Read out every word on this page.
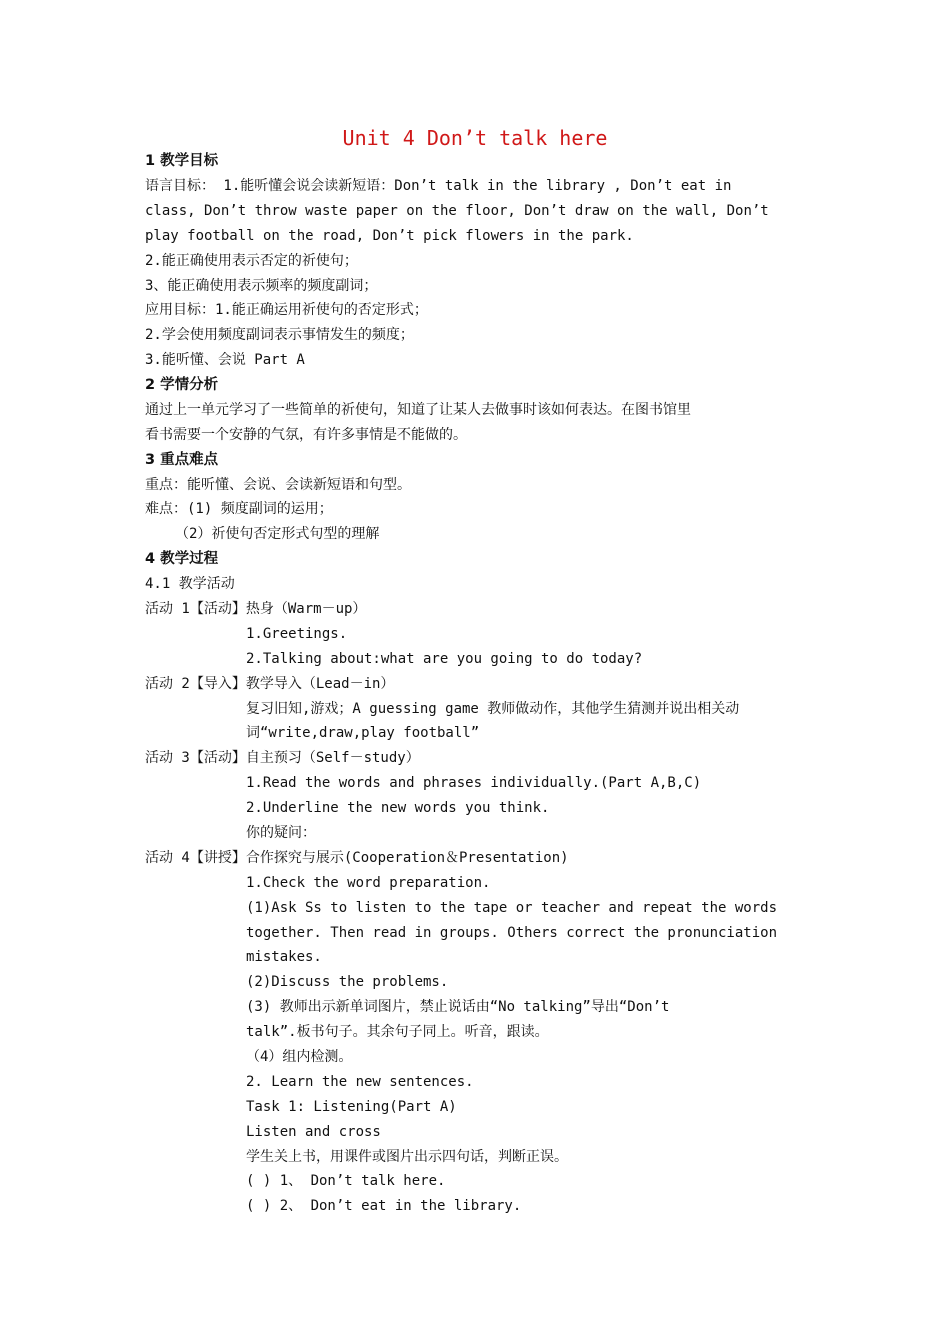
Unit 4 Don’t talk here
1 教学目标
语言目标： 1.能听懂会说会读新短语：Don’t talk in the library , Don’t eat in
class, Don’t throw waste paper on the floor, Don’t draw on the wall, Don’t
play football on the road, Don’t pick flowers in the park.
2.能正确使用表示否定的祈使句；
3、能正确使用表示频率的频度副词；
应用目标：1.能正确运用祈使句的否定形式；
2.学会使用频度副词表示事情发生的频度；
3.能听懂、会说 Part A
2 学情分析
通过上一单元学习了一些简单的祈使句，知道了让某人去做事时该如何表达。在图书馆里
看书需要一个安静的气氛，有许多事情是不能做的。
3 重点难点
重点：能听懂、会说、会读新短语和句型。
难点：(1) 频度副词的运用；
（2）祈使句否定形式句型的理解
4 教学过程
4.1 教学活动
活动 1【活动】热身（Warm－up）
1.Greetings.
2.Talking about:what are you going to do today?
活动 2【导入】教学导入（Lead－in）
复习旧知,游戏；A guessing game 教师做动作，其他学生猜测并说出相关动
词“write,draw,play football”
活动 3【活动】自主预习（Self－study）
1.Read the words and phrases individually.(Part A,B,C)
2.Underline the new words you think.
你的疑问：
活动 4【讲授】合作探究与展示(Cooperation＆Presentation)
1.Check the word preparation.
(1)Ask Ss to listen to the tape or teacher and repeat the words
together. Then read in groups. Others correct the pronunciation
mistakes.
(2)Discuss the problems.
(3) 教师出示新单词图片，禁止说话由“No talking”导出“Don’t
talk”.板书句子。其余句子同上。听音，跟读。
（4）组内检测。
2. Learn the new sentences.
Task 1: Listening(Part A)
Listen and cross
学生关上书，用课件或图片出示四句话，判断正误。
( ) 1、 Don’t talk here.
( ) 2、 Don’t eat in the library.
